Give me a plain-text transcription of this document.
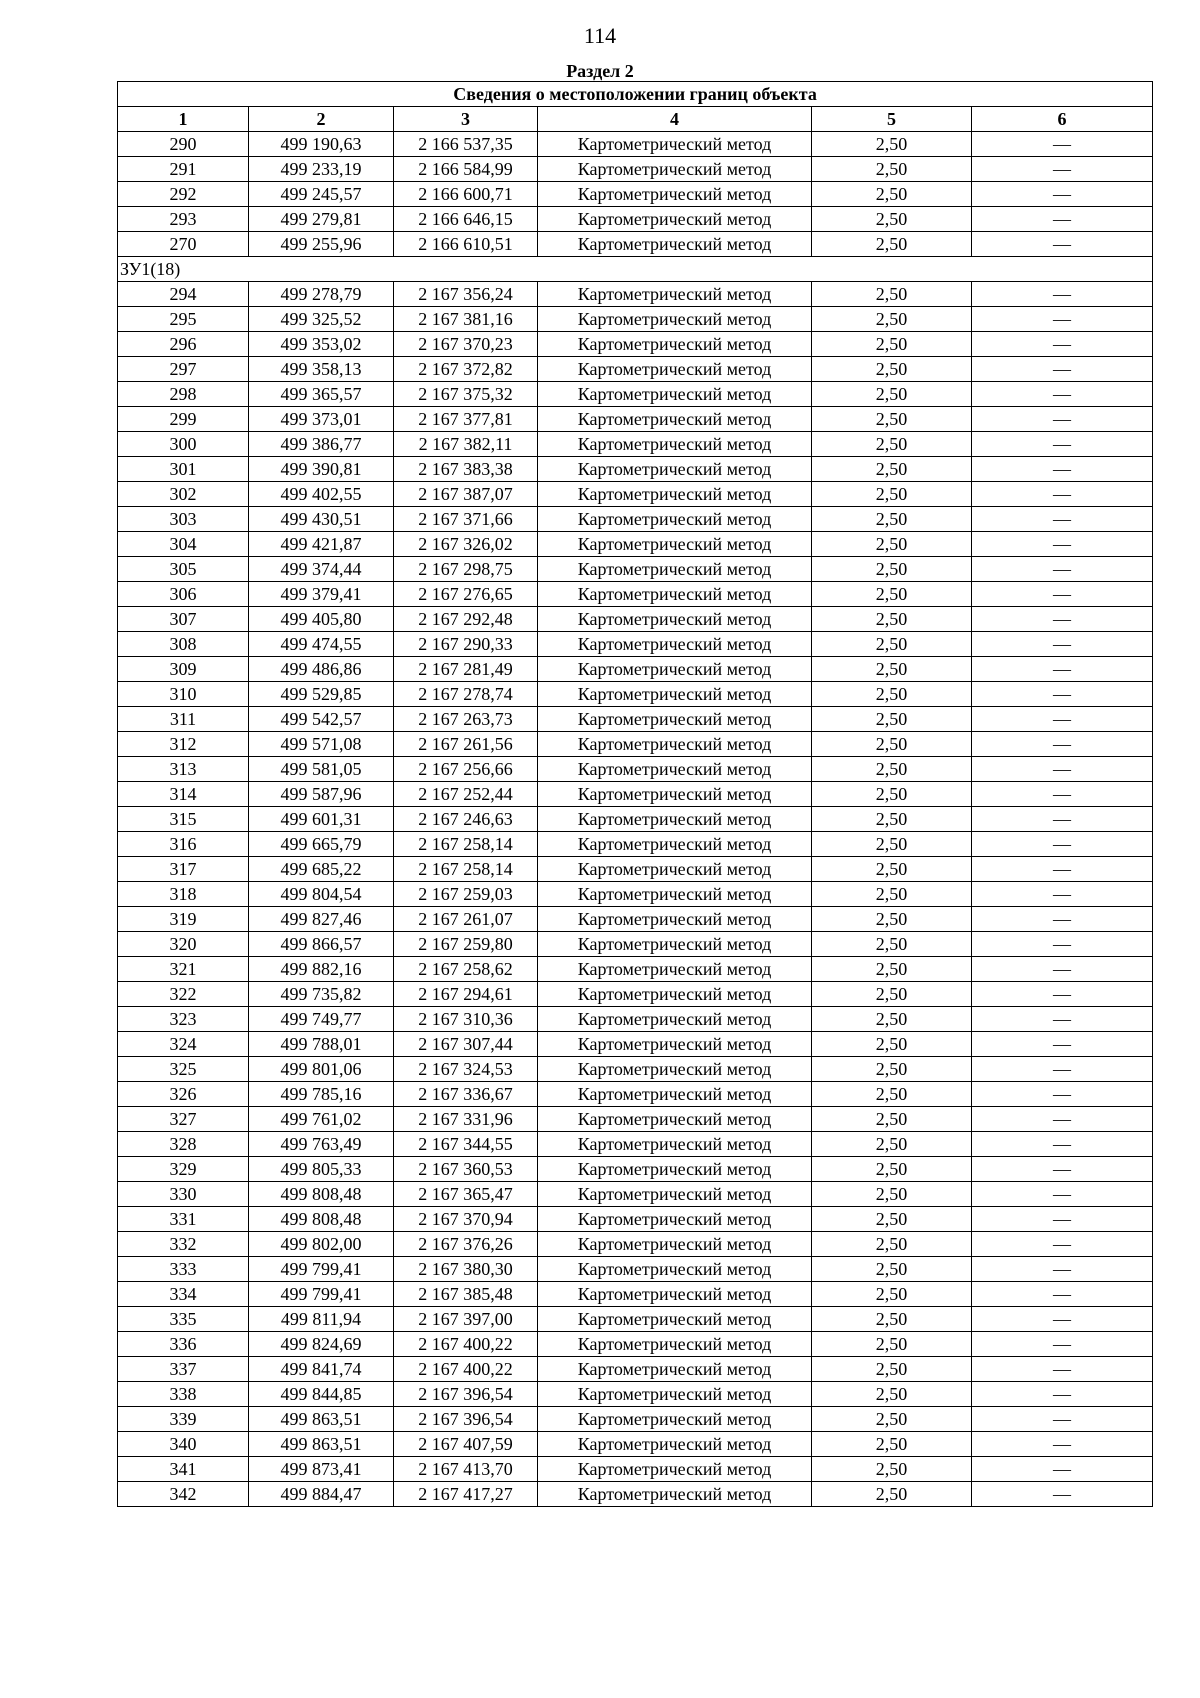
114
Раздел 2
Сведения о местоположении границ объекта					
1	2	3	4	5	6
290	499 190,63	2 166 537,35	Картометрический метод	2,50	—
291	499 233,19	2 166 584,99	Картометрический метод	2,50	—
292	499 245,57	2 166 600,71	Картометрический метод	2,50	—
293	499 279,81	2 166 646,15	Картометрический метод	2,50	—
270	499 255,96	2 166 610,51	Картометрический метод	2,50	—
ЗУ1(18)					
294	499 278,79	2 167 356,24	Картометрический метод	2,50	—
295	499 325,52	2 167 381,16	Картометрический метод	2,50	—
296	499 353,02	2 167 370,23	Картометрический метод	2,50	—
297	499 358,13	2 167 372,82	Картометрический метод	2,50	—
298	499 365,57	2 167 375,32	Картометрический метод	2,50	—
299	499 373,01	2 167 377,81	Картометрический метод	2,50	—
300	499 386,77	2 167 382,11	Картометрический метод	2,50	—
301	499 390,81	2 167 383,38	Картометрический метод	2,50	—
302	499 402,55	2 167 387,07	Картометрический метод	2,50	—
303	499 430,51	2 167 371,66	Картометрический метод	2,50	—
304	499 421,87	2 167 326,02	Картометрический метод	2,50	—
305	499 374,44	2 167 298,75	Картометрический метод	2,50	—
306	499 379,41	2 167 276,65	Картометрический метод	2,50	—
307	499 405,80	2 167 292,48	Картометрический метод	2,50	—
308	499 474,55	2 167 290,33	Картометрический метод	2,50	—
309	499 486,86	2 167 281,49	Картометрический метод	2,50	—
310	499 529,85	2 167 278,74	Картометрический метод	2,50	—
311	499 542,57	2 167 263,73	Картометрический метод	2,50	—
312	499 571,08	2 167 261,56	Картометрический метод	2,50	—
313	499 581,05	2 167 256,66	Картометрический метод	2,50	—
314	499 587,96	2 167 252,44	Картометрический метод	2,50	—
315	499 601,31	2 167 246,63	Картометрический метод	2,50	—
316	499 665,79	2 167 258,14	Картометрический метод	2,50	—
317	499 685,22	2 167 258,14	Картометрический метод	2,50	—
318	499 804,54	2 167 259,03	Картометрический метод	2,50	—
319	499 827,46	2 167 261,07	Картометрический метод	2,50	—
320	499 866,57	2 167 259,80	Картометрический метод	2,50	—
321	499 882,16	2 167 258,62	Картометрический метод	2,50	—
322	499 735,82	2 167 294,61	Картометрический метод	2,50	—
323	499 749,77	2 167 310,36	Картометрический метод	2,50	—
324	499 788,01	2 167 307,44	Картометрический метод	2,50	—
325	499 801,06	2 167 324,53	Картометрический метод	2,50	—
326	499 785,16	2 167 336,67	Картометрический метод	2,50	—
327	499 761,02	2 167 331,96	Картометрический метод	2,50	—
328	499 763,49	2 167 344,55	Картометрический метод	2,50	—
329	499 805,33	2 167 360,53	Картометрический метод	2,50	—
330	499 808,48	2 167 365,47	Картометрический метод	2,50	—
331	499 808,48	2 167 370,94	Картометрический метод	2,50	—
332	499 802,00	2 167 376,26	Картометрический метод	2,50	—
333	499 799,41	2 167 380,30	Картометрический метод	2,50	—
334	499 799,41	2 167 385,48	Картометрический метод	2,50	—
335	499 811,94	2 167 397,00	Картометрический метод	2,50	—
336	499 824,69	2 167 400,22	Картометрический метод	2,50	—
337	499 841,74	2 167 400,22	Картометрический метод	2,50	—
338	499 844,85	2 167 396,54	Картометрический метод	2,50	—
339	499 863,51	2 167 396,54	Картометрический метод	2,50	—
340	499 863,51	2 167 407,59	Картометрический метод	2,50	—
341	499 873,41	2 167 413,70	Картометрический метод	2,50	—
342	499 884,47	2 167 417,27	Картометрический метод	2,50	—
